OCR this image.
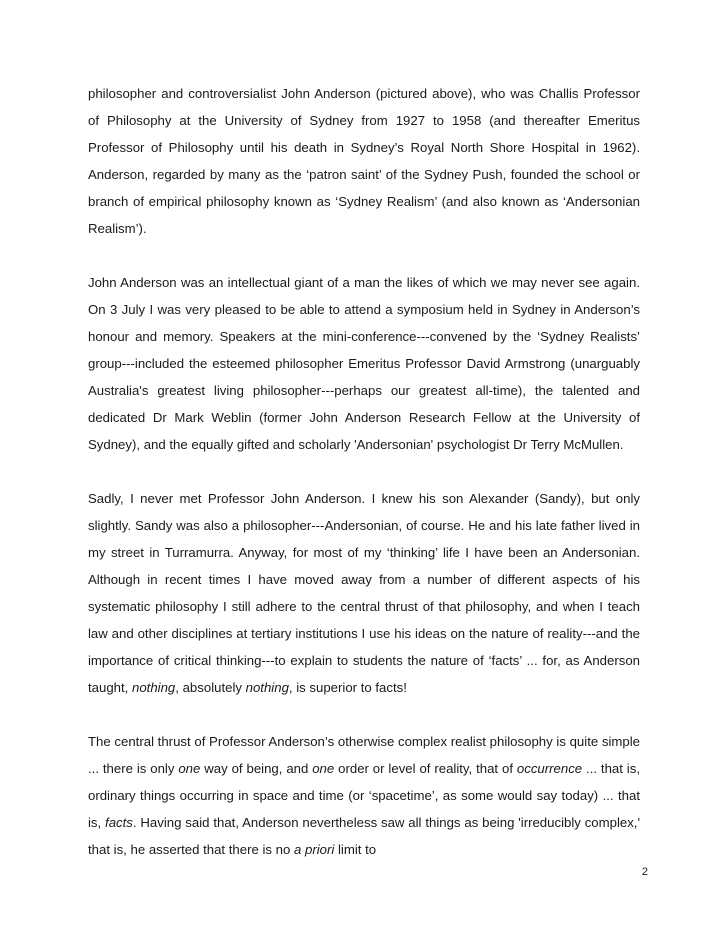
philosopher and controversialist John Anderson (pictured above), who was Challis Professor of Philosophy at the University of Sydney from 1927 to 1958 (and thereafter Emeritus Professor of Philosophy until his death in Sydney’s Royal North Shore Hospital in 1962). Anderson, regarded by many as the ‘patron saint’ of the Sydney Push, founded the school or branch of empirical philosophy known as ‘Sydney Realism’ (and also known as ‘Andersonian Realism’).

John Anderson was an intellectual giant of a man the likes of which we may never see again. On 3 July I was very pleased to be able to attend a symposium held in Sydney in Anderson’s honour and memory. Speakers at the mini-conference---convened by the ‘Sydney Realists’ group---included the esteemed philosopher Emeritus Professor David Armstrong (unarguably Australia's greatest living philosopher---perhaps our greatest all-time), the talented and dedicated Dr Mark Weblin (former John Anderson Research Fellow at the University of Sydney), and the equally gifted and scholarly 'Andersonian' psychologist Dr Terry McMullen.

Sadly, I never met Professor John Anderson. I knew his son Alexander (Sandy), but only slightly. Sandy was also a philosopher---Andersonian, of course. He and his late father lived in my street in Turramurra. Anyway, for most of my ‘thinking’ life I have been an Andersonian. Although in recent times I have moved away from a number of different aspects of his systematic philosophy I still adhere to the central thrust of that philosophy, and when I teach law and other disciplines at tertiary institutions I use his ideas on the nature of reality---and the importance of critical thinking---to explain to students the nature of ‘facts’ ... for, as Anderson taught, nothing, absolutely nothing, is superior to facts!

The central thrust of Professor Anderson’s otherwise complex realist philosophy is quite simple ... there is only one way of being, and one order or level of reality, that of occurrence ... that is, ordinary things occurring in space and time (or ‘spacetime’, as some would say today) ... that is, facts. Having said that, Anderson nevertheless saw all things as being 'irreducibly complex,' that is, he asserted that there is no a priori limit to

2
